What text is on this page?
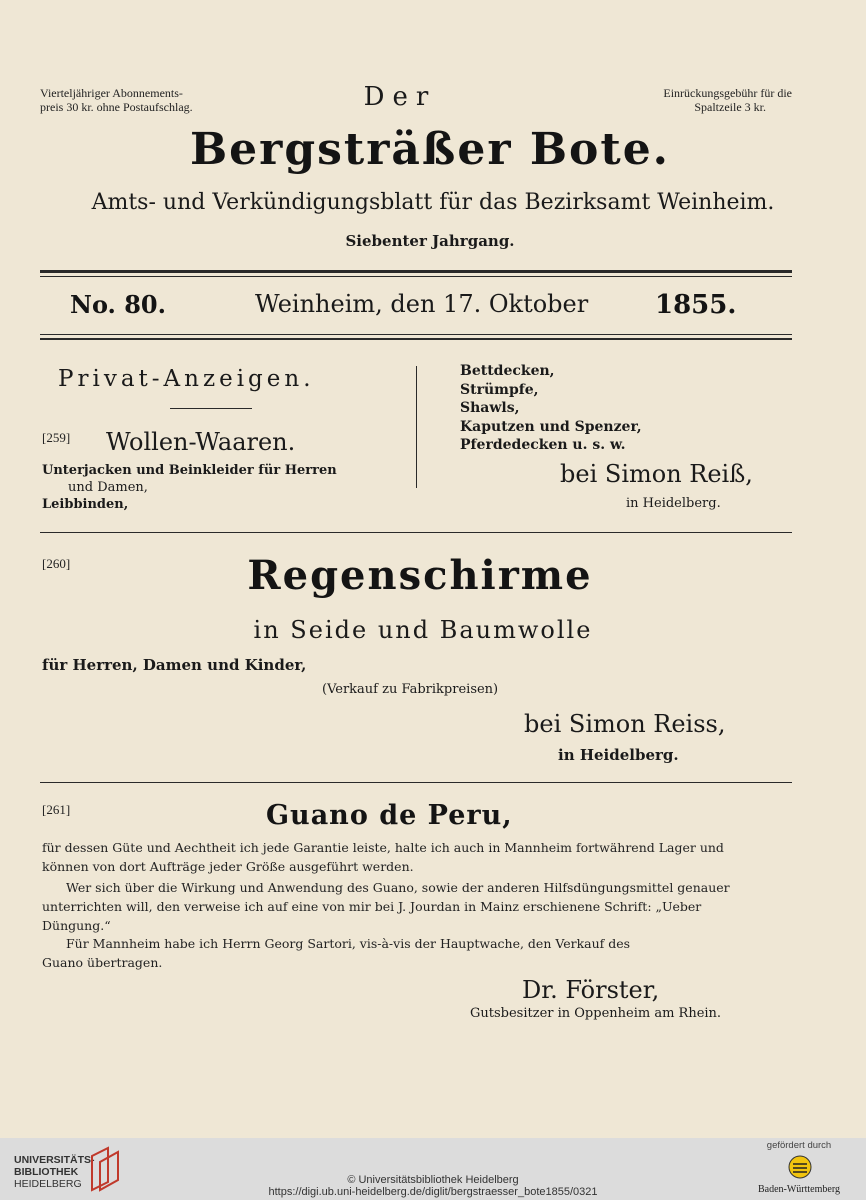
Vierteljähriger Abonnements-
preis 30 kr. ohne Postaufschlag.
Einrückungsgebühr für die
Spaltzeile 3 kr.
Der
Bergsträßer Bote.
Amts- und Verkündigungsblatt für das Bezirksamt Weinheim.
Siebenter Jahrgang.
No. 80.	Weinheim, den 17. Oktober	1855.
Privat-Anzeigen.
[259] Wollen-Waaren.
Unterjacken und Beinkleider für Herren
und Damen,
Leibbinden,
Bettdecken,
Strümpfe,
Shawls,
Kaputzen und Spenzer,
Pferdedecken u. s. w.
bei Simon Reiß,
in Heidelberg.
[260]	Regenschirme
in Seide und Baumwolle
für Herren, Damen und Kinder,
(Verkauf zu Fabrikpreisen)
bei Simon Reiss,
in Heidelberg.
[261]	Guano de Peru,
für dessen Güte und Aechtheit ich jede Garantie leiste, halte ich auch in Mannheim fortwährend Lager und
können von dort Aufträge jeder Größe ausgeführt werden.
Wer sich über die Wirkung und Anwendung des Guano, sowie der anderen Hilfsdüngungsmittel genauer
unterrichten will, den verweise ich auf eine von mir bei J. Jourdan in Mainz erschienene Schrift: „Ueber
Düngung.“
Für Mannheim habe ich Herrn Georg Sartori, vis-à-vis der Hauptwache, den Verkauf des
Guano übertragen.
Dr. Förster,
Gutsbesitzer in Oppenheim am Rhein.
UNIVERSITÄTS-
BIBLIOTHEK
HEIDELBERG	© Universitätsbibliothek Heidelberg
https://digi.ub.uni-heidelberg.de/diglit/bergstraesser_bote1855/0321
gefördert durch
Baden-Württemberg
